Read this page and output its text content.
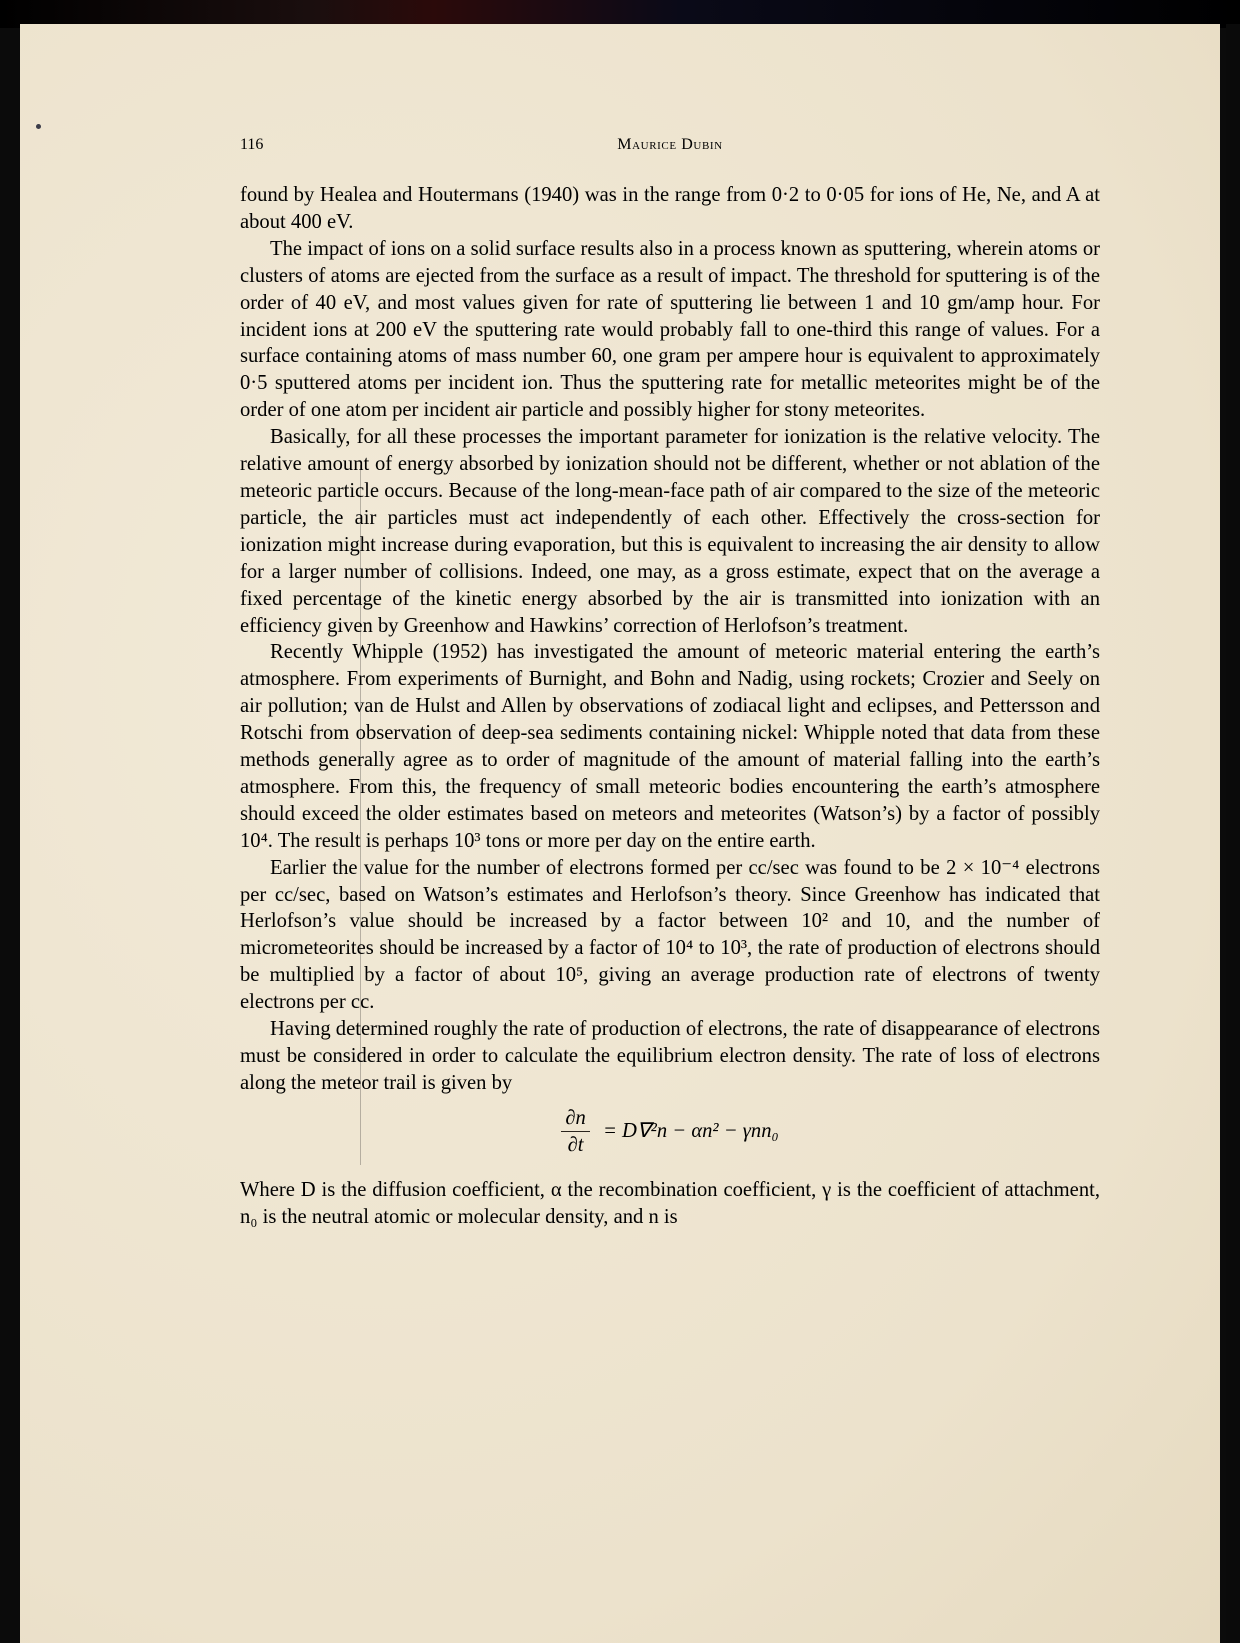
116	Maurice Dubin

found by Healea and Houtermans (1940) was in the range from 0·2 to 0·05 for ions of He, Ne, and A at about 400 eV.

The impact of ions on a solid surface results also in a process known as sputtering, wherein atoms or clusters of atoms are ejected from the surface as a result of impact. The threshold for sputtering is of the order of 40 eV, and most values given for rate of sputtering lie between 1 and 10 gm/amp hour. For incident ions at 200 eV the sputtering rate would probably fall to one-third this range of values. For a surface containing atoms of mass number 60, one gram per ampere hour is equivalent to approximately 0·5 sputtered atoms per incident ion. Thus the sputtering rate for metallic meteorites might be of the order of one atom per incident air particle and possibly higher for stony meteorites.

Basically, for all these processes the important parameter for ionization is the relative velocity. The relative amount of energy absorbed by ionization should not be different, whether or not ablation of the meteoric particle occurs. Because of the long-mean-face path of air compared to the size of the meteoric particle, the air particles must act independently of each other. Effectively the cross-section for ionization might increase during evaporation, but this is equivalent to increasing the air density to allow for a larger number of collisions. Indeed, one may, as a gross estimate, expect that on the average a fixed percentage of the kinetic energy absorbed by the air is transmitted into ionization with an efficiency given by Greenhow and Hawkins’ correction of Herlofson’s treatment.

Recently Whipple (1952) has investigated the amount of meteoric material entering the earth’s atmosphere. From experiments of Burnight, and Bohn and Nadig, using rockets; Crozier and Seely on air pollution; van de Hulst and Allen by observations of zodiacal light and eclipses, and Pettersson and Rotschi from observation of deep-sea sediments containing nickel: Whipple noted that data from these methods generally agree as to order of magnitude of the amount of material falling into the earth’s atmosphere. From this, the frequency of small meteoric bodies encountering the earth’s atmosphere should exceed the older estimates based on meteors and meteorites (Watson’s) by a factor of possibly 10⁴. The result is perhaps 10³ tons or more per day on the entire earth.

Earlier the value for the number of electrons formed per cc/sec was found to be 2 × 10⁻⁴ electrons per cc/sec, based on Watson’s estimates and Herlofson’s theory. Since Greenhow has indicated that Herlofson’s value should be increased by a factor between 10² and 10, and the number of micrometeorites should be increased by a factor of 10⁴ to 10³, the rate of production of electrons should be multiplied by a factor of about 10⁵, giving an average production rate of electrons of twenty electrons per cc.

Having determined roughly the rate of production of electrons, the rate of disappearance of electrons must be considered in order to calculate the equilibrium electron density. The rate of loss of electrons along the meteor trail is given by

$\frac{\partial n}{\partial t} = D\nabla^2n - \alpha n^2 - \gamma nn_0$

Where D is the diffusion coefficient, α the recombination coefficient, γ is the coefficient of attachment, n₀ is the neutral atomic or molecular density, and n is
